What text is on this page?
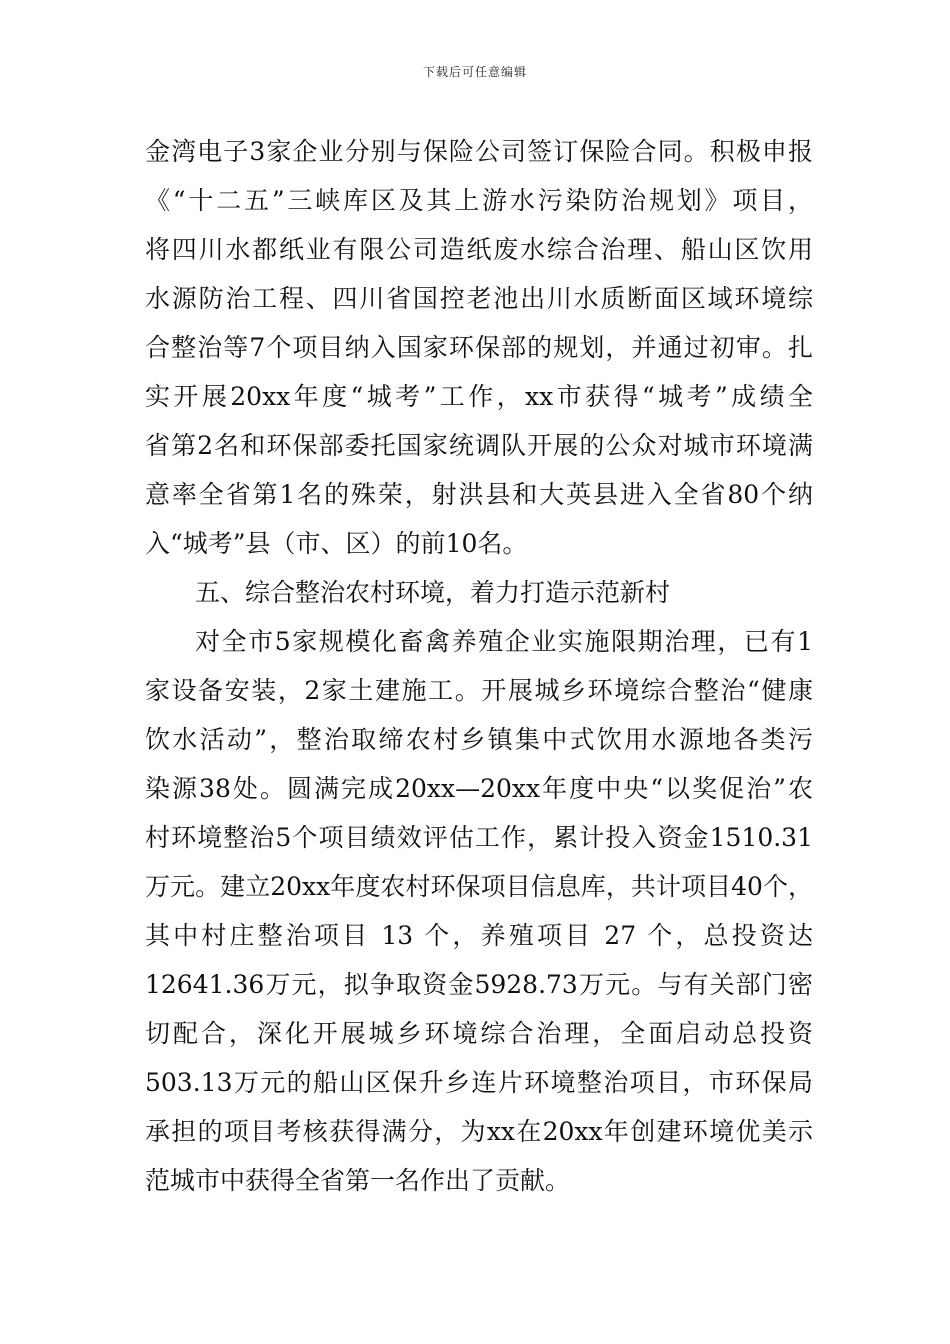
下载后可任意编辑
金湾电子3家企业分别与保险公司签订保险合同。积极申报
《“十二五”三峡库区及其上游水污染防治规划》项目，
将四川水都纸业有限公司造纸废水综合治理、船山区饮用
水源防治工程、四川省国控老池出川水质断面区域环境综
合整治等7个项目纳入国家环保部的规划，并通过初审。扎
实开展20xx年度“城考”工作，xx市获得“城考”成绩全
省第2名和环保部委托国家统调队开展的公众对城市环境满
意率全省第1名的殊荣，射洪县和大英县进入全省80个纳
入“城考”县（市、区）的前10名。
五、综合整治农村环境，着力打造示范新村
对全市5家规模化畜禽养殖企业实施限期治理，已有1
家设备安装，2家土建施工。开展城乡环境综合整治“健康
饮水活动”，整治取缔农村乡镇集中式饮用水源地各类污
染源38处。圆满完成20xx—20xx年度中央“以奖促治”农
村环境整治5个项目绩效评估工作，累计投入资金1510.31
万元。建立20xx年度农村环保项目信息库，共计项目40个，
其中村庄整治项目 13 个，养殖项目 27 个，总投资达
12641.36万元，拟争取资金5928.73万元。与有关部门密
切配合，深化开展城乡环境综合治理，全面启动总投资
503.13万元的船山区保升乡连片环境整治项目，市环保局
承担的项目考核获得满分，为xx在20xx年创建环境优美示
范城市中获得全省第一名作出了贡献。
